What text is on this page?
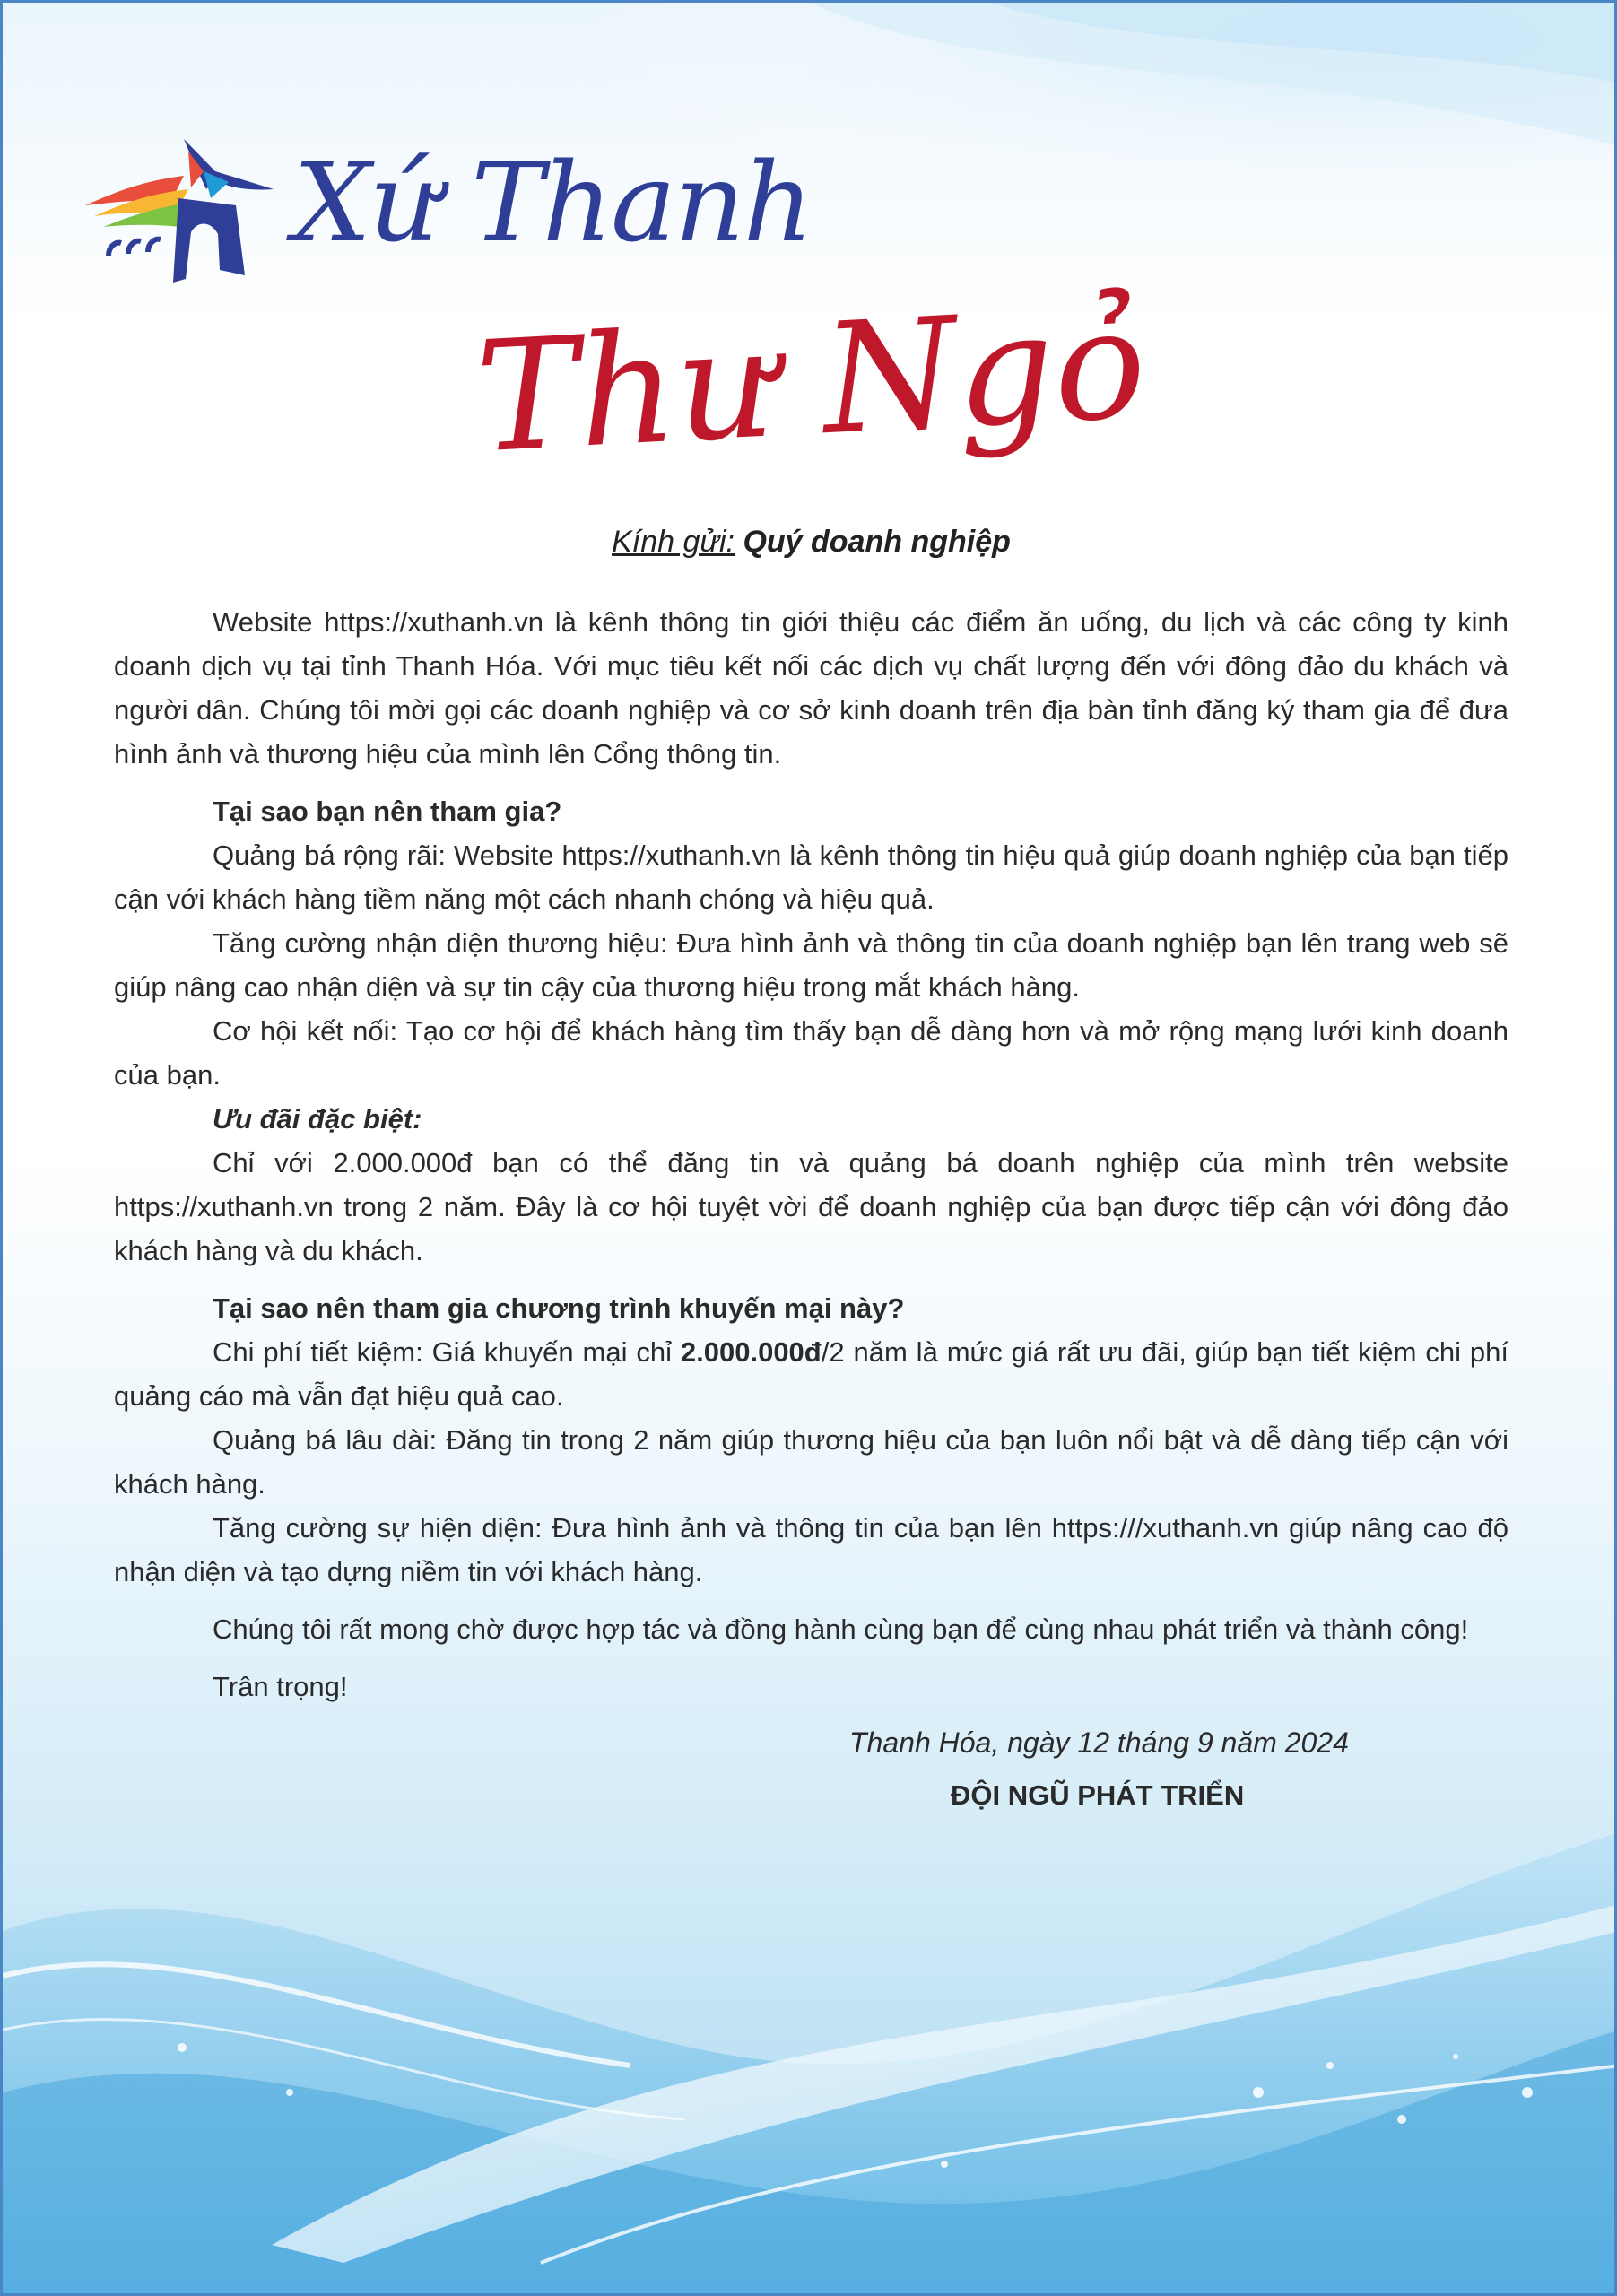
Xứ Thanh
Thư Ngỏ
Kính gửi: Quý doanh nghiệp

Website https://xuthanh.vn là kênh thông tin giới thiệu các điểm ăn uống, du lịch và các công ty kinh doanh dịch vụ tại tỉnh Thanh Hóa. Với mục tiêu kết nối các dịch vụ chất lượng đến với đông đảo du khách và người dân. Chúng tôi mời gọi các doanh nghiệp và cơ sở kinh doanh trên địa bàn tỉnh đăng ký tham gia để đưa hình ảnh và thương hiệu của mình lên Cổng thông tin.

Tại sao bạn nên tham gia?

Quảng bá rộng rãi: Website https://xuthanh.vn là kênh thông tin hiệu quả giúp doanh nghiệp của bạn tiếp cận với khách hàng tiềm năng một cách nhanh chóng và hiệu quả.

Tăng cường nhận diện thương hiệu: Đưa hình ảnh và thông tin của doanh nghiệp bạn lên trang web sẽ giúp nâng cao nhận diện và sự tin cậy của thương hiệu trong mắt khách hàng.

Cơ hội kết nối: Tạo cơ hội để khách hàng tìm thấy bạn dễ dàng hơn và mở rộng mạng lưới kinh doanh của bạn.

Ưu đãi đặc biệt:

Chỉ với 2.000.000đ bạn có thể đăng tin và quảng bá doanh nghiệp của mình trên website https://xuthanh.vn trong 2 năm. Đây là cơ hội tuyệt vời để doanh nghiệp của bạn được tiếp cận với đông đảo khách hàng và du khách.

Tại sao nên tham gia chương trình khuyến mại này?

Chi phí tiết kiệm: Giá khuyến mại chỉ 2.000.000đ/2 năm là mức giá rất ưu đãi, giúp bạn tiết kiệm chi phí quảng cáo mà vẫn đạt hiệu quả cao.

Quảng bá lâu dài: Đăng tin trong 2 năm giúp thương hiệu của bạn luôn nổi bật và dễ dàng tiếp cận với khách hàng.

Tăng cường sự hiện diện: Đưa hình ảnh và thông tin của bạn lên https:///xuthanh.vn giúp nâng cao độ nhận diện và tạo dựng niềm tin với khách hàng.

Chúng tôi rất mong chờ được hợp tác và đồng hành cùng bạn để cùng nhau phát triển và thành công!

Trân trọng!

Thanh Hóa, ngày 12 tháng 9 năm 2024
ĐỘI NGŨ PHÁT TRIỂN
